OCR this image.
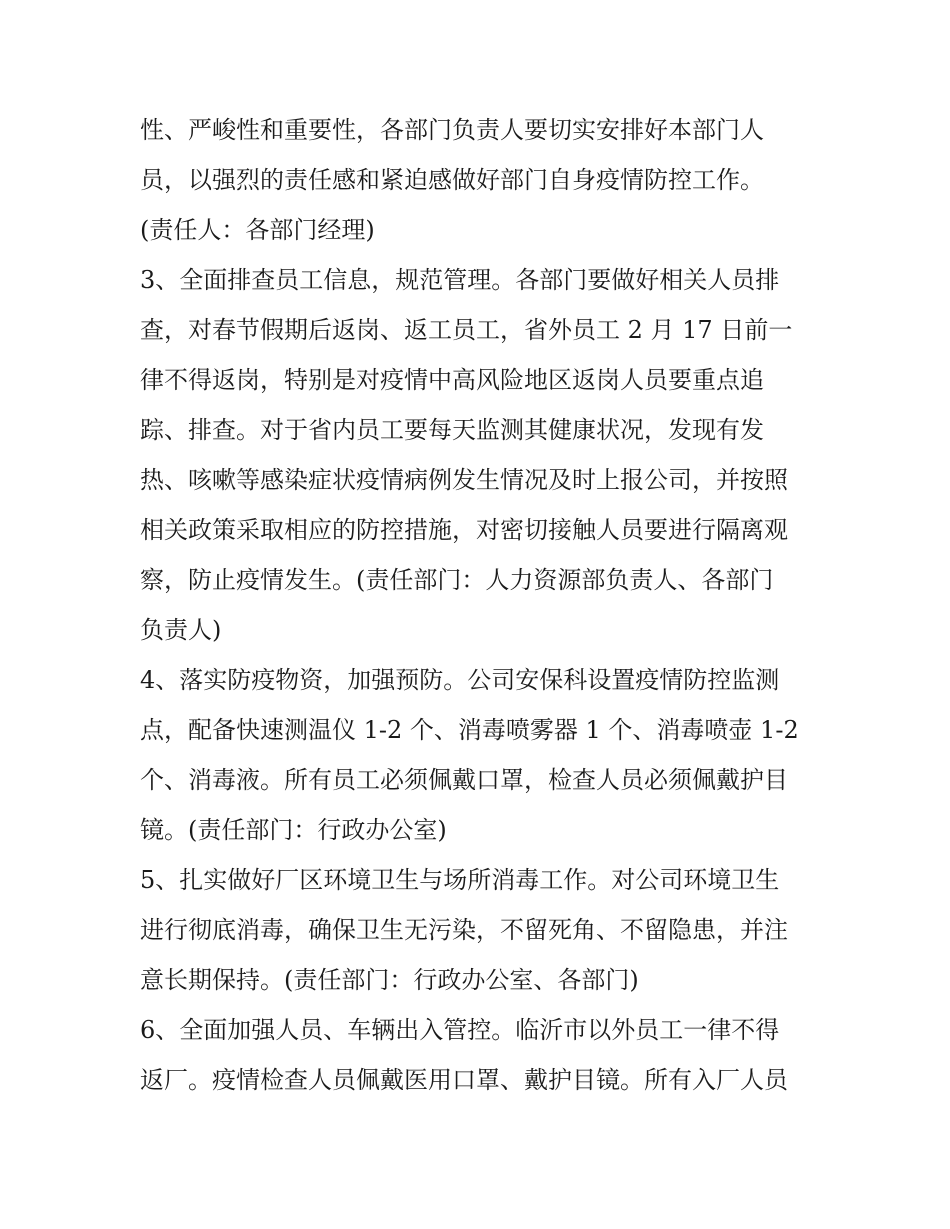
性、严峻性和重要性，各部门负责人要切实安排好本部门人
员，以强烈的责任感和紧迫感做好部门自身疫情防控工作。
(责任人：各部门经理)
3、全面排查员工信息，规范管理。各部门要做好相关人员排
查，对春节假期后返岗、返工员工，省外员工 2 月 17 日前一
律不得返岗，特别是对疫情中高风险地区返岗人员要重点追
踪、排查。对于省内员工要每天监测其健康状况，发现有发
热、咳嗽等感染症状疫情病例发生情况及时上报公司，并按照
相关政策采取相应的防控措施，对密切接触人员要进行隔离观
察，防止疫情发生。(责任部门：人力资源部负责人、各部门
负责人)
4、落实防疫物资，加强预防。公司安保科设置疫情防控监测
点，配备快速测温仪 1-2 个、消毒喷雾器 1 个、消毒喷壶 1-2
个、消毒液。所有员工必须佩戴口罩，检查人员必须佩戴护目
镜。(责任部门：行政办公室)
5、扎实做好厂区环境卫生与场所消毒工作。对公司环境卫生
进行彻底消毒，确保卫生无污染，不留死角、不留隐患，并注
意长期保持。(责任部门：行政办公室、各部门)
6、全面加强人员、车辆出入管控。临沂市以外员工一律不得
返厂。疫情检查人员佩戴医用口罩、戴护目镜。所有入厂人员
